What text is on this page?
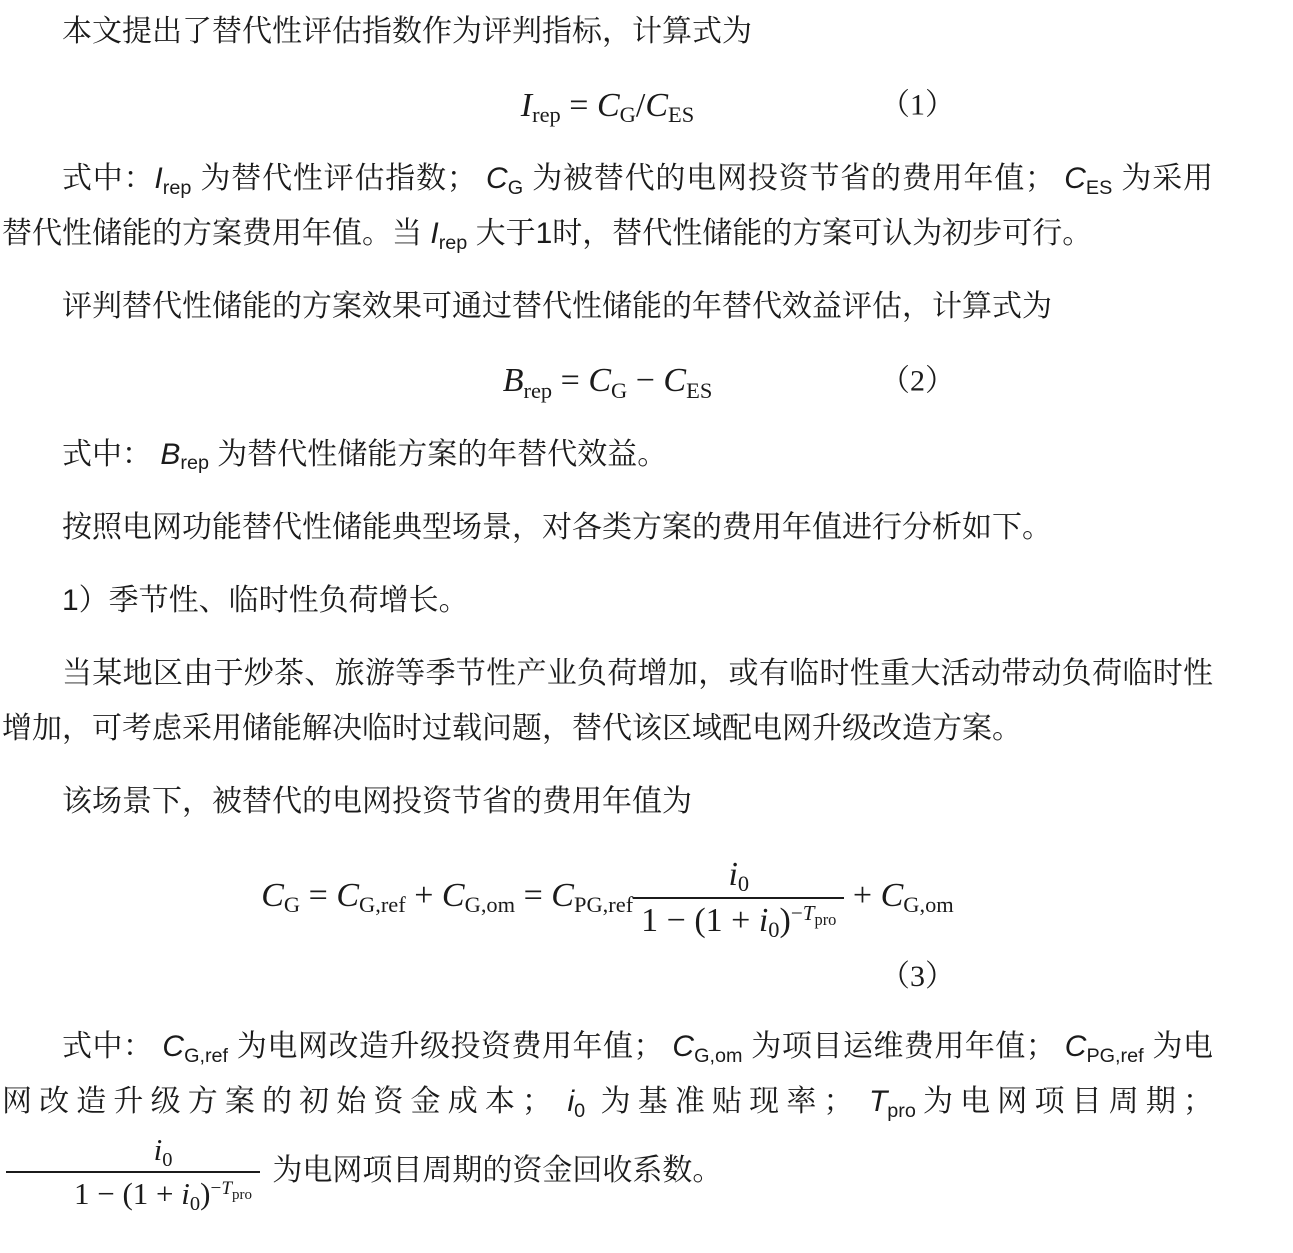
本文提出了替代性评估指数作为评判指标，计算式为

$I_{rep} = C_G/C_{ES}$	（1）

式中：$I_{rep}$ 为替代性评估指数； $C_G$ 为被替代的电网投资节省的费用年值； $C_{ES}$ 为采用替代性储能的方案费用年值。当 $I_{rep}$ 大于1时，替代性储能的方案可认为初步可行。

评判替代性储能的方案效果可通过替代性储能的年替代效益评估，计算式为

$B_{rep} = C_G - C_{ES}$	（2）

式中： $B_{rep}$ 为替代性储能方案的年替代效益。

按照电网功能替代性储能典型场景，对各类方案的费用年值进行分析如下。

1）季节性、临时性负荷增长。

当某地区由于炒茶、旅游等季节性产业负荷增加，或有临时性重大活动带动负荷临时性增加，可考虑采用储能解决临时过载问题，替代该区域配电网升级改造方案。

该场景下，被替代的电网投资节省的费用年值为

$C_G = C_{G,ref} + C_{G,om} = C_{PG,ref} \frac{i_0}{1 - (1 + i_0)^{-T_{pro}}} + C_{G,om}$
（3）

式中： $C_{G,ref}$ 为电网改造升级投资费用年值； $C_{G,om}$ 为项目运维费用年值； $C_{PG,ref}$ 为电网改造升级方案的初始资金成本； $i_0$ 为基准贴现率； $T_{pro}$为电网项目周期；
$\frac{i_0}{1 - (1 + i_0)^{-T_{pro}}}$ 为电网项目周期的资金回收系数。
